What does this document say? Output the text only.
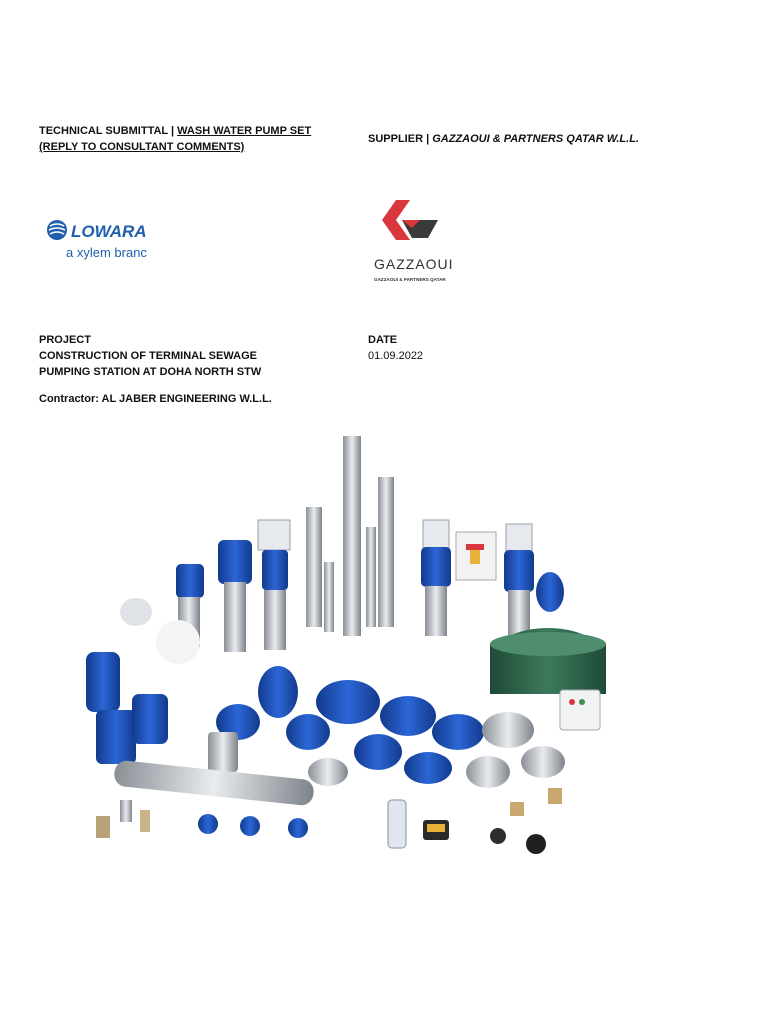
TECHNICAL SUBMITTAL | WASH WATER PUMP SET
(REPLY TO CONSULTANT COMMENTS)
SUPPLIER | GAZZAOUI & PARTNERS QATAR W.L.L.
LOWARA
a xylem branc
GAZZAOUI
GAZZAOUI & PARTNERS QATAR
PROJECT
CONSTRUCTION OF TERMINAL SEWAGE
PUMPING STATION AT DOHA NORTH STW
DATE
01.09.2022
Contractor: AL JABER ENGINEERING W.L.L.
